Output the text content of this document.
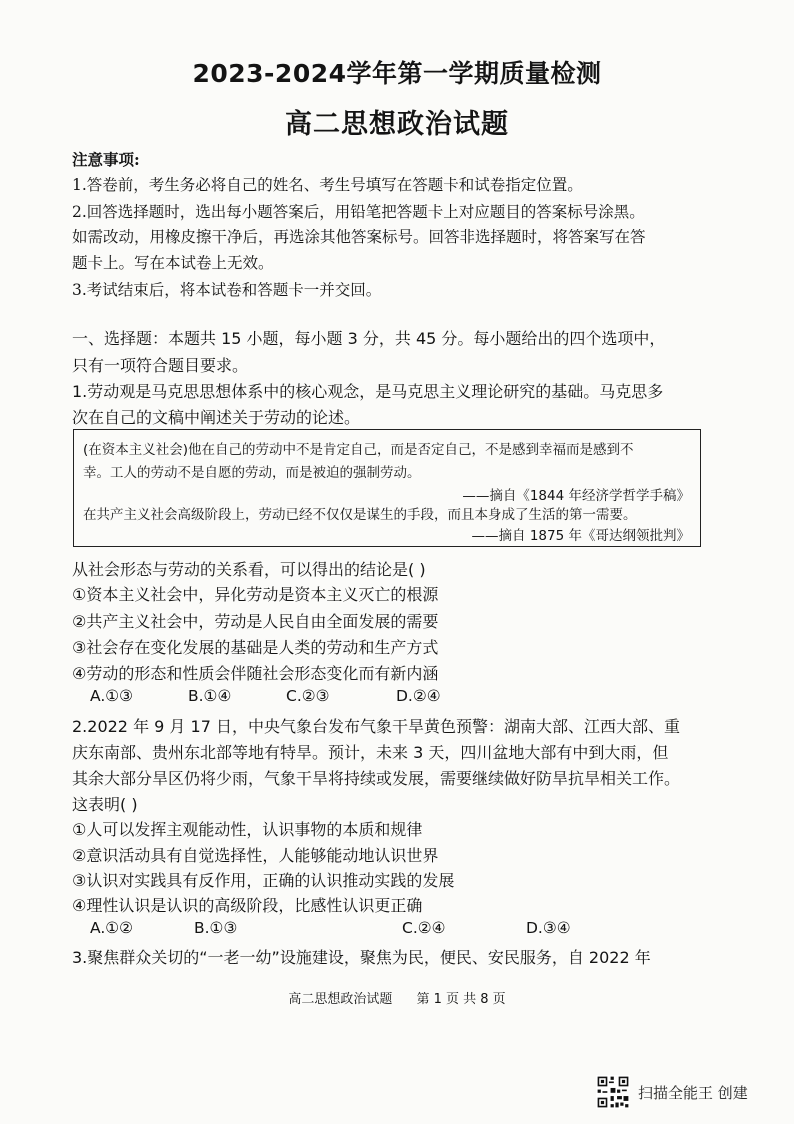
2023-2024学年第一学期质量检测
高二思想政治试题
注意事项:
1.答卷前，考生务必将自己的姓名、考生号填写在答题卡和试卷指定位置。
2.回答选择题时，选出每小题答案后，用铅笔把答题卡上对应题目的答案标号涂黑。
如需改动，用橡皮擦干净后，再选涂其他答案标号。回答非选择题时，将答案写在答
题卡上。写在本试卷上无效。
3.考试结束后，将本试卷和答题卡一并交回。
一、选择题：本题共 15 小题，每小题 3 分，共 45 分。每小题给出的四个选项中，
只有一项符合题目要求。
1.劳动观是马克思思想体系中的核心观念，是马克思主义理论研究的基础。马克思多
次在自己的文稿中阐述关于劳动的论述。
(在资本主义社会)他在自己的劳动中不是肯定自己，而是否定自己，不是感到幸福而是感到不
幸。工人的劳动不是自愿的劳动，而是被迫的强制劳动。
——摘自《1844 年经济学哲学手稿》
在共产主义社会高级阶段上，劳动已经不仅仅是谋生的手段，而且本身成了生活的第一需要。
——摘自 1875 年《哥达纲领批判》
从社会形态与劳动的关系看，可以得出的结论是( )
①资本主义社会中，异化劳动是资本主义灭亡的根源
②共产主义社会中，劳动是人民自由全面发展的需要
③社会存在变化发展的基础是人类的劳动和生产方式
④劳动的形态和性质会伴随社会形态变化而有新内涵
A.①③	B.①④	C.②③	D.②④
2.2022 年 9 月 17 日，中央气象台发布气象干旱黄色预警：湖南大部、江西大部、重
庆东南部、贵州东北部等地有特旱。预计，未来 3 天，四川盆地大部有中到大雨，但
其余大部分旱区仍将少雨，气象干旱将持续或发展，需要继续做好防旱抗旱相关工作。
这表明( )
①人可以发挥主观能动性，认识事物的本质和规律
②意识活动具有自觉选择性，人能够能动地认识世界
③认识对实践具有反作用，正确的认识推动实践的发展
④理性认识是认识的高级阶段，比感性认识更正确
A.①②	B.①③	C.②④	D.③④
3.聚焦群众关切的“一老一幼”设施建设，聚焦为民，便民、安民服务，自 2022 年
高二思想政治试题 第 1 页 共 8 页
扫描全能王 创建
